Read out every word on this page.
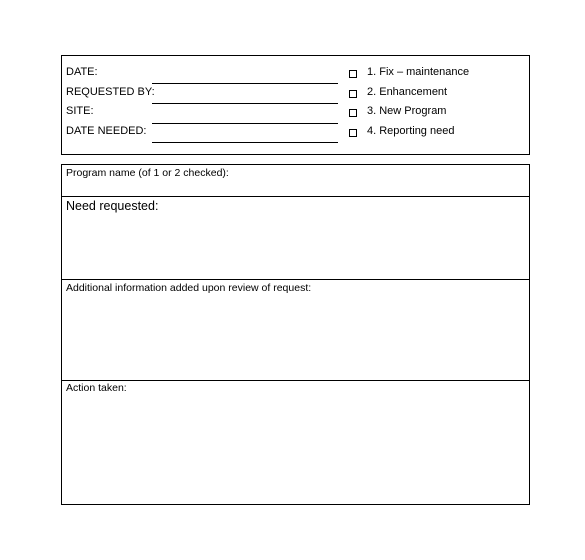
DATE:
REQUESTED BY:
SITE:
DATE NEEDED:
1. Fix – maintenance
2. Enhancement
3. New Program
4. Reporting need
Program name (of 1 or 2 checked):
Need requested:
Additional information added upon review of request:
Action taken:
